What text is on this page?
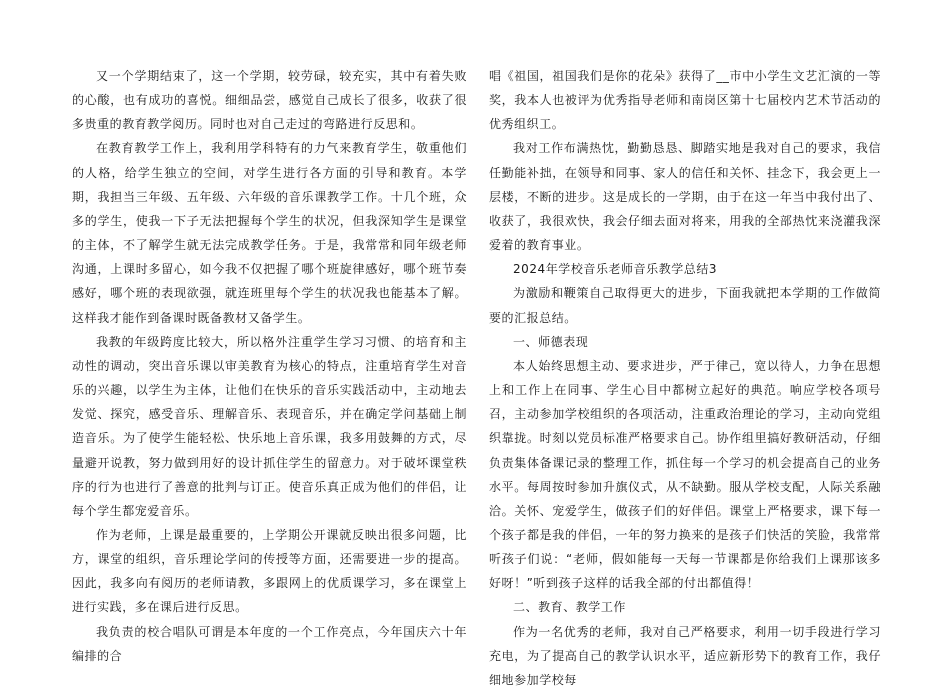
又一个学期结束了，这一个学期，较劳碌，较充实，其中有着失败的心酸，也有成功的喜悦。细细品尝，感觉自己成长了很多，收获了很多贵重的教育教学阅历。同时也对自己走过的弯路进行反思和。

在教育教学工作上，我利用学科特有的力气来教育学生，敬重他们的人格，给学生独立的空间，对学生进行各方面的引导和教育。本学期，我担当三年级、五年级、六年级的音乐课教学工作。十几个班，众多的学生，使我一下子无法把握每个学生的状况，但我深知学生是课堂的主体，不了解学生就无法完成教学任务。于是，我常常和同年级老师沟通，上课时多留心，如今我不仅把握了哪个班旋律感好，哪个班节奏感好，哪个班的表现欲强，就连班里每个学生的状况我也能基本了解。这样我才能作到备课时既备教材又备学生。

我教的年级跨度比较大，所以格外注重学生学习习惯、的培育和主动性的调动，突出音乐课以审美教育为核心的特点，注重培育学生对音乐的兴趣，以学生为主体，让他们在快乐的音乐实践活动中，主动地去发觉、探究，感受音乐、理解音乐、表现音乐，并在确定学问基础上制造音乐。为了使学生能轻松、快乐地上音乐课，我多用鼓舞的方式，尽量避开说教，努力做到用好的设计抓住学生的留意力。对于破坏课堂秩序的行为也进行了善意的批判与订正。使音乐真正成为他们的伴侣，让每个学生都宠爱音乐。

作为老师，上课是最重要的，上学期公开课就反映出很多问题，比方，课堂的组织，音乐理论学问的传授等方面，还需要进一步的提高。因此，我多向有阅历的老师请教，多跟网上的优质课学习，多在课堂上进行实践，多在课后进行反思。

我负责的校合唱队可谓是本年度的一个工作亮点，今年国庆六十年编排的合

唱《祖国，祖国我们是你的花朵》获得了__市中小学生文艺汇演的一等奖，我本人也被评为优秀指导老师和南岗区第十七届校内艺术节活动的优秀组织工。

我对工作布满热忱，勤勤恳恳、脚踏实地是我对自己的要求，我信任勤能补拙，在领导和同事、家人的信任和关怀、挂念下，我会更上一层楼，不断的进步。这是成长的一学期，由于在这一年当中我付出了、收获了，我很欢快，我会仔细去面对将来，用我的全部热忱来浇灌我深爱着的教育事业。

2024年学校音乐老师音乐教学总结3

为激励和鞭策自己取得更大的进步，下面我就把本学期的工作做简要的汇报总结。

一、师德表现

本人始终思想主动、要求进步，严于律己，宽以待人，力争在思想上和工作上在同事、学生心目中都树立起好的典范。响应学校各项号召，主动参加学校组织的各项活动，注重政治理论的学习，主动向党组织靠拢。时刻以党员标准严格要求自己。协作组里搞好教研活动，仔细负责集体备课记录的整理工作，抓住每一个学习的机会提高自己的业务水平。每周按时参加升旗仪式，从不缺勤。服从学校支配，人际关系融洽。关怀、宠爱学生，做孩子们的好伴侣。课堂上严格要求，课下每一个孩子都是我的伴侣，一年的努力换来的是孩子们快活的笑脸，我常常听孩子们说：“老师，假如能每一天每一节课都是你给我们上课那该多好呀！”听到孩子这样的话我全部的付出都值得！

二、教育、教学工作

作为一名优秀的老师，我对自己严格要求，利用一切手段进行学习充电，为了提高自己的教学认识水平，适应新形势下的教育工作，我仔细地参加学校每
